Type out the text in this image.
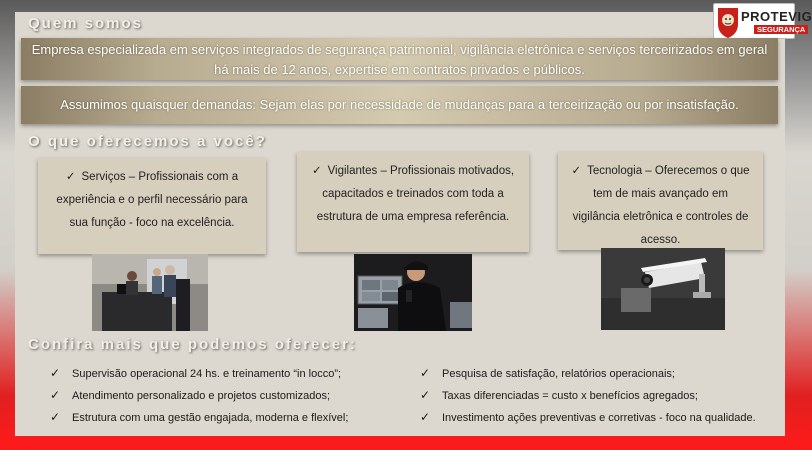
PROTEVIG
SEGURANÇA
Quem somos
Empresa especializada em serviços integrados de segurança patrimonial, vigilância eletrônica e serviços terceirizados em geral há mais de 12 anos, expertise em contratos privados e públicos.
Assumimos quaisquer demandas: Sejam elas por necessidade de mudanças para a terceirização ou por insatisfação.
O que oferecemos a você?
✓ Serviços – Profissionais com a experiência e o perfil necessário para sua função - foco na excelência.
✓ Vigilantes – Profissionais motivados, capacitados e treinados com toda a estrutura de uma empresa referência.
✓ Tecnologia – Oferecemos o que tem de mais avançado em vigilância eletrônica e controles de acesso.
Confira mais que podemos oferecer:
✓ Supervisão operacional 24 hs. e treinamento “in locco”;
✓ Atendimento personalizado e projetos customizados;
✓ Estrutura com uma gestão engajada, moderna e flexível;
✓ Pesquisa de satisfação, relatórios operacionais;
✓ Taxas diferenciadas = custo x benefícios agregados;
✓ Investimento ações preventivas e corretivas - foco na qualidade.
